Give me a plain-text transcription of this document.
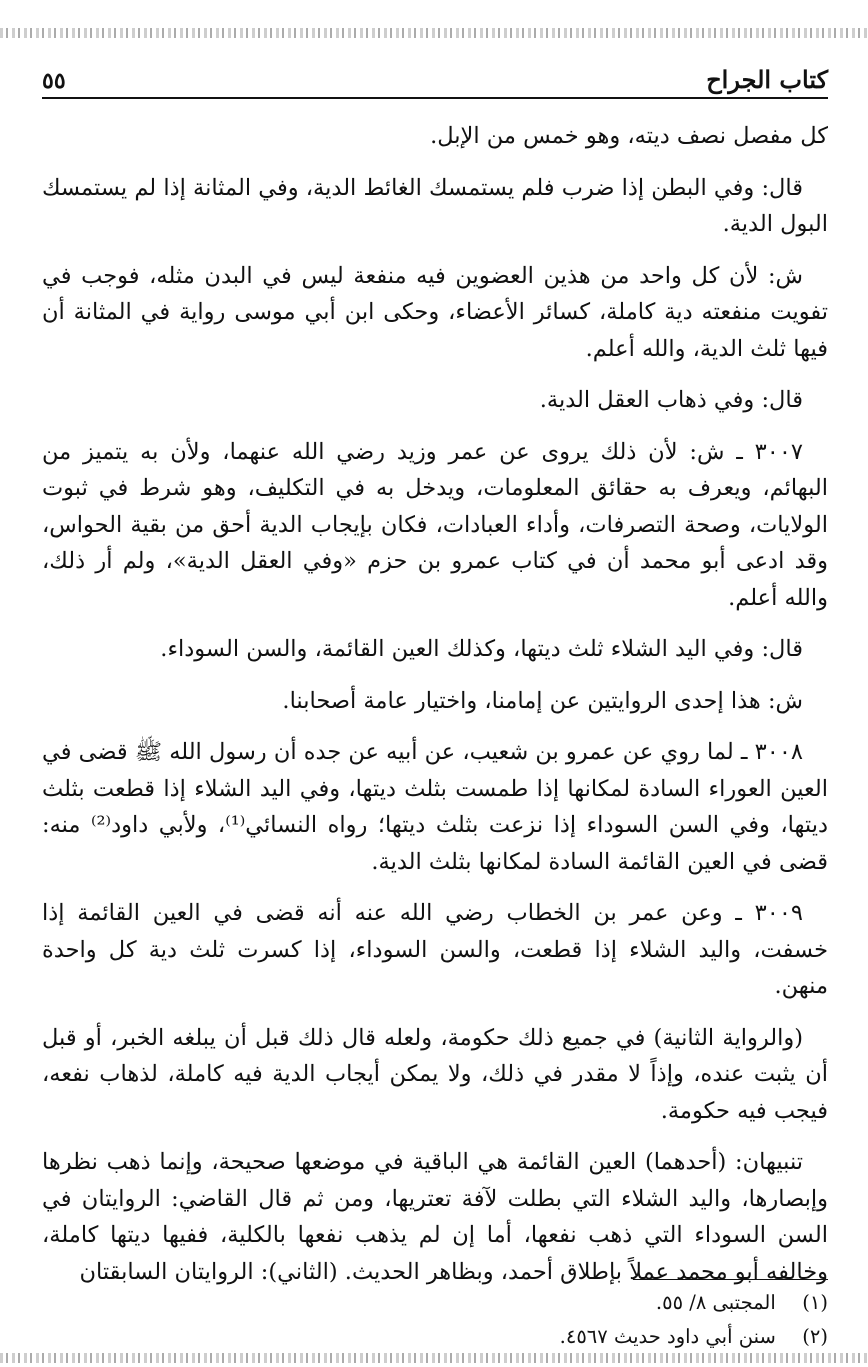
٥٥	كتاب الجراح

كل مفصل نصف ديته، وهو خمس من الإبل.

قال: وفي البطن إذا ضرب فلم يستمسك الغائط الدية، وفي المثانة إذا لم يستمسك البول الدية.

ش: لأن كل واحد من هذين العضوين فيه منفعة ليس في البدن مثله، فوجب في تفويت منفعته دية كاملة، كسائر الأعضاء، وحكى ابن أبي موسى رواية في المثانة أن فيها ثلث الدية، والله أعلم.

قال: وفي ذهاب العقل الدية.

٣٠٠٧ ـ ش: لأن ذلك يروى عن عمر وزيد رضي الله عنهما، ولأن به يتميز من البهائم، ويعرف به حقائق المعلومات، ويدخل به في التكليف، وهو شرط في ثبوت الولايات، وصحة التصرفات، وأداء العبادات، فكان بإيجاب الدية أحق من بقية الحواس، وقد ادعى أبو محمد أن في كتاب عمرو بن حزم «وفي العقل الدية»، ولم أر ذلك، والله أعلم.

قال: وفي اليد الشلاء ثلث ديتها، وكذلك العين القائمة، والسن السوداء.

ش: هذا إحدى الروايتين عن إمامنا، واختيار عامة أصحابنا.

٣٠٠٨ ـ لما روي عن عمرو بن شعيب، عن أبيه عن جده أن رسول الله ﷺ قضى في العين العوراء السادة لمكانها إذا طمست بثلث ديتها، وفي اليد الشلاء إذا قطعت بثلث ديتها، وفي السن السوداء إذا نزعت بثلث ديتها؛ رواه النسائي⁽¹⁾، ولأبي داود⁽²⁾ منه: قضى في العين القائمة السادة لمكانها بثلث الدية.

٣٠٠٩ ـ وعن عمر بن الخطاب رضي الله عنه أنه قضى في العين القائمة إذا خسفت، واليد الشلاء إذا قطعت، والسن السوداء، إذا كسرت ثلث دية كل واحدة منهن.

(والرواية الثانية) في جميع ذلك حكومة، ولعله قال ذلك قبل أن يبلغه الخبر، أو قبل أن يثبت عنده، وإذاً لا مقدر في ذلك، ولا يمكن أيجاب الدية فيه كاملة، لذهاب نفعه، فيجب فيه حكومة.

تنبيهان: (أحدهما) العين القائمة هي الباقية في موضعها صحيحة، وإنما ذهب نظرها وإبصارها، واليد الشلاء التي بطلت لآفة تعتريها، ومن ثم قال القاضي: الروايتان في السن السوداء التي ذهب نفعها، أما إن لم يذهب نفعها بالكلية، ففيها ديتها كاملة، وخالفه أبو محمد عملاً بإطلاق أحمد، وبظاهر الحديث. (الثاني): الروايتان السابقتان

(١) المجتبى ٨/ ٥٥.
(٢) سنن أبي داود حديث ٤٥٦٧.
